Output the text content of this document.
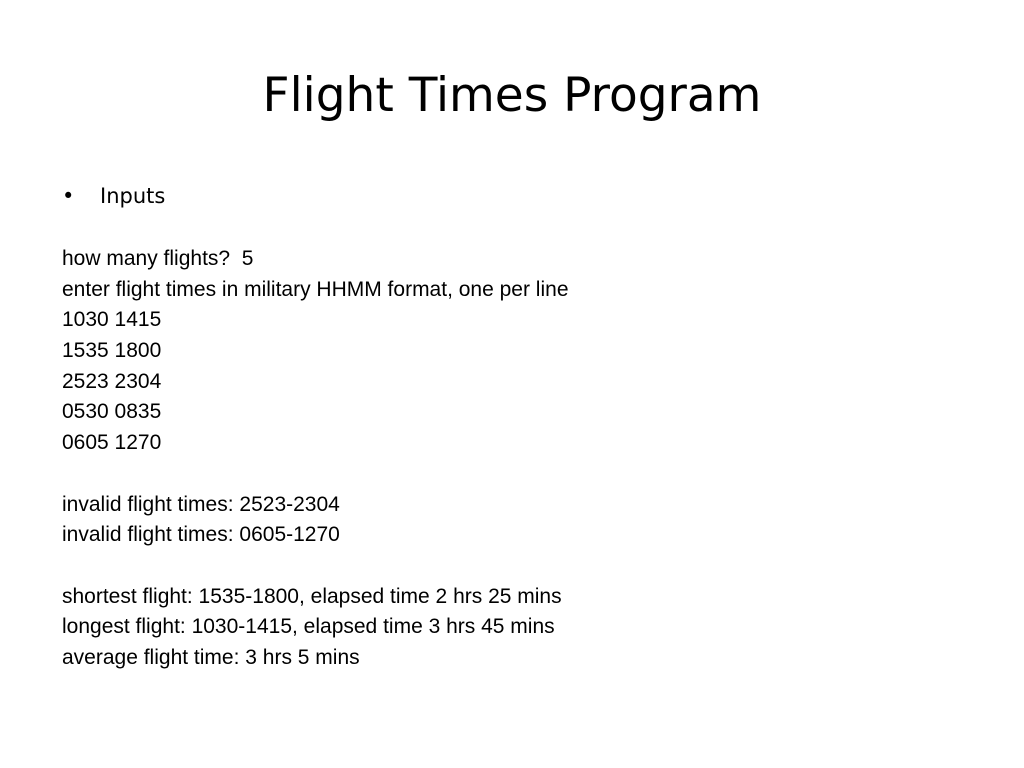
Flight Times Program
• Inputs
how many flights?  5
enter flight times in military HHMM format, one per line
1030 1415
1535 1800
2523 2304
0530 0835
0605 1270
invalid flight times: 2523-2304
invalid flight times: 0605-1270
shortest flight: 1535-1800, elapsed time 2 hrs 25 mins
longest flight: 1030-1415, elapsed time 3 hrs 45 mins
average flight time: 3 hrs 5 mins
